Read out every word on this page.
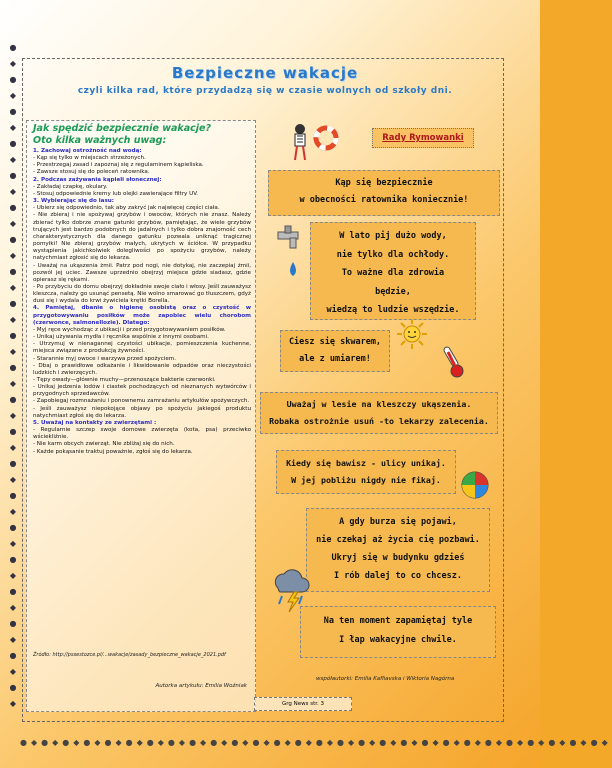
●
◆
●
◆
●
◆
●
◆
●
◆
●
◆
●
◆
●
◆
●
◆
●
◆
●
◆
●
◆
●
◆
●
◆
●
◆
●
◆
●
◆
●
◆
●
◆
●
◆
●
◆
●◆●◆●◆●◆●◆●◆●◆●◆●◆●◆●◆●◆●◆●◆●◆●◆●◆●◆●◆●◆●◆●◆●◆●◆●◆●◆●◆●◆
Bezpieczne wakacje
czyli kilka rad, które przydadzą się w czasie wolnych od szkoły dni.
Jak spędzić bezpiecznie wakacje?
Oto kilka ważnych uwag:
1. Zachowaj ostrożność nad wodą:
- Kąp się tylko w miejscach strzeżonych.
- Przestrzegaj zasad i zapoznaj się z regulaminem kąpieliska.
- Zawsze stosuj się do poleceń ratownika.
2. Podczas zażywania kąpieli słonecznej:
- Zakładaj czapkę, okulary.
- Stosuj odpowiednie kremy lub olejki zawierające filtry UV.
3. Wybierając się do lasu:
- Ubierz się odpowiednio, tak aby zakryć jak najwięcej części ciała.
- Nie zbieraj i nie spożywaj grzybów i owoców, których nie znasz. Należy zbierać tylko dobrze znane gatunki grzybów, pamiętając, że wiele grzybów trujących jest bardzo podobnych do jadalnych i tylko dobra znajomość cech charakterystycznych dla danego gatunku pozwala uniknąć tragicznej pomyłki! Nie zbieraj grzybów małych, ukrytych w ściółce. W przypadku wystąpienia jakichkolwiek dolegliwości po spożyciu grzybów, należy natychmiast zgłosić się do lekarza.
- Uważaj na ukąszenia żmii. Patrz pod nogi, nie dotykaj, nie zaczepiaj żmii, pozwól jej uciec. Zawsze uprzednio obejrzyj miejsce gdzie siadasz, gdzie opierasz się rękami.
- Po przybyciu do domu obejrzyj dokładnie swoje ciało i włosy. Jeśli zauważysz kleszcza, należy go usunąć pensetą. Nie wolno smarować go tłuszczem, gdyż dusi się i wydala do krwi żywiciela krętki Borella.
4. Pamiętaj, dbanie o higienę osobistą oraz o czystość w przygotowywaniu posiłków może zapobiec wielu chorobom (czerwonce, salmonellozie). Dlatego:
- Myj ręce wychodząc z ubikacji i przed przygotowywaniem posiłków.
- Unikaj używania mydła i ręcznika wspólnie z innymi osobami.
- Utrzymuj w nienagannej czystości ubikacje, pomieszczenia kuchenne, miejsca związane z produkcją żywności.
- Starannie myj owoce i warzywa przed spożyciem.
- Dbaj o prawidłowe odkażanie i likwidowanie odpadów oraz nieczystości ludzkich i zwierzęcych.
- Tępy owady—głównie muchy—przenoszące bakterie czerwonki.
- Unikaj jedzenia lodów i ciastek pochodzących od nieznanych wytwórców i przygodnych sprzedawców.
- Zapobiegaj rozmnażaniu i ponownemu zamrażaniu artykułów spożywczych.
- Jeśli zauważysz niepokojące objawy po spożyciu jakiegoś produktu natychmiast zgłoś się do lekarza.
5. Uważaj na kontakty ze zwierzętami :
- Regularnie szczep swoje domowe zwierzęta (kota, psa) przeciwko wściekliźnie.
- Nie karm obcych zwierząt. Nie zbliżaj się do nich.
- Każde pokąsanie traktuj poważnie, zgłoś się do lekarza.
Źródło: http://pssestozce.pl/...wakacje/zasady_bezpieczne_wakacje_2021.pdf
Autorka artykułu: Emilia Woźniak
Rady Rymowanki
Kąp się bezpiecznie
w obecności ratownika koniecznie!
W lato pij dużo wody,
nie tylko dla ochłody.
To ważne dla zdrowia
będzie,
wiedzą to ludzie wszędzie.
Ciesz się skwarem,
ale z umiarem!
Uważaj w lesie na kleszczy ukąszenia.
Robaka ostrożnie usuń -to lekarzy zalecenia.
Kiedy się bawisz - ulicy unikaj.
W jej pobliżu nigdy nie fikaj.
A gdy burza się pojawi,
nie czekaj aż życia cię pozbawi.
Ukryj się w budynku gdzieś
I rób dalej to co chcesz.
Na ten moment zapamiętaj tyle
I łap wakacyjne chwile.
współautorki: Emilia Kafliavska i Wiktoria Nagórna
Grg News str. 3
